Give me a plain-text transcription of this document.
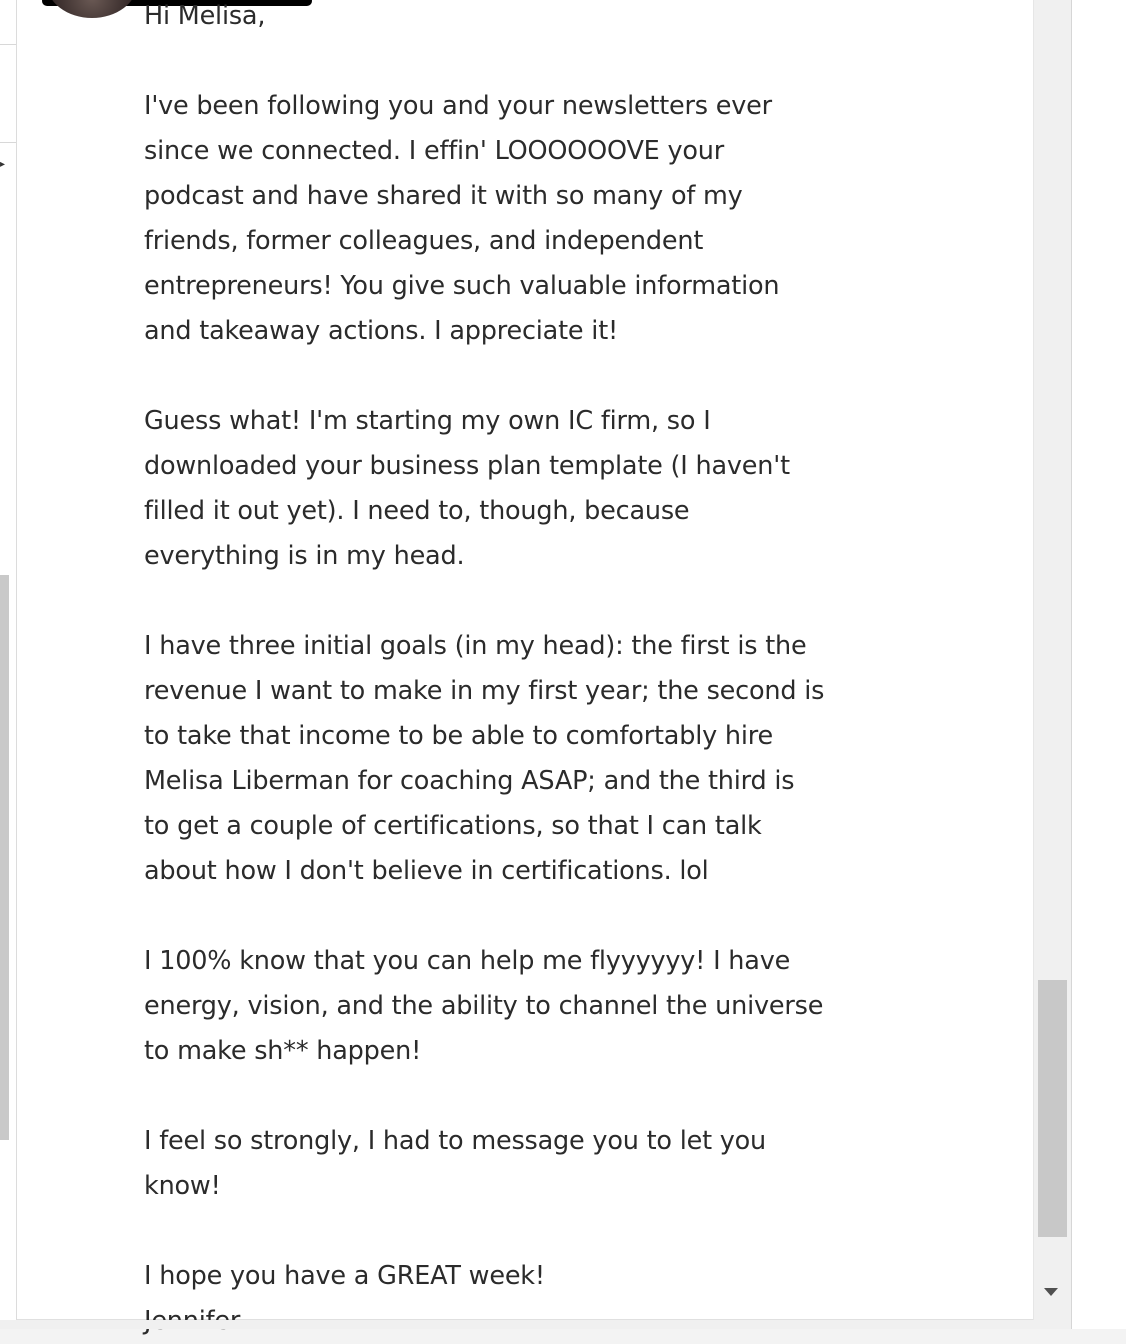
▸

Hi Melisa,

I've been following you and your newsletters ever
since we connected. I effin' LOOOOOOVE your
podcast and have shared it with so many of my
friends, former colleagues, and independent
entrepreneurs! You give such valuable information
and takeaway actions. I appreciate it!

Guess what! I'm starting my own IC firm, so I
downloaded your business plan template (I haven't
filled it out yet). I need to, though, because
everything is in my head.

I have three initial goals (in my head): the first is the
revenue I want to make in my first year; the second is
to take that income to be able to comfortably hire
Melisa Liberman for coaching ASAP; and the third is
to get a couple of certifications, so that I can talk
about how I don't believe in certifications. lol

I 100% know that you can help me flyyyyyy! I have
energy, vision, and the ability to channel the universe
to make sh** happen!

I feel so strongly, I had to message you to let you
know!

I hope you have a GREAT week!
